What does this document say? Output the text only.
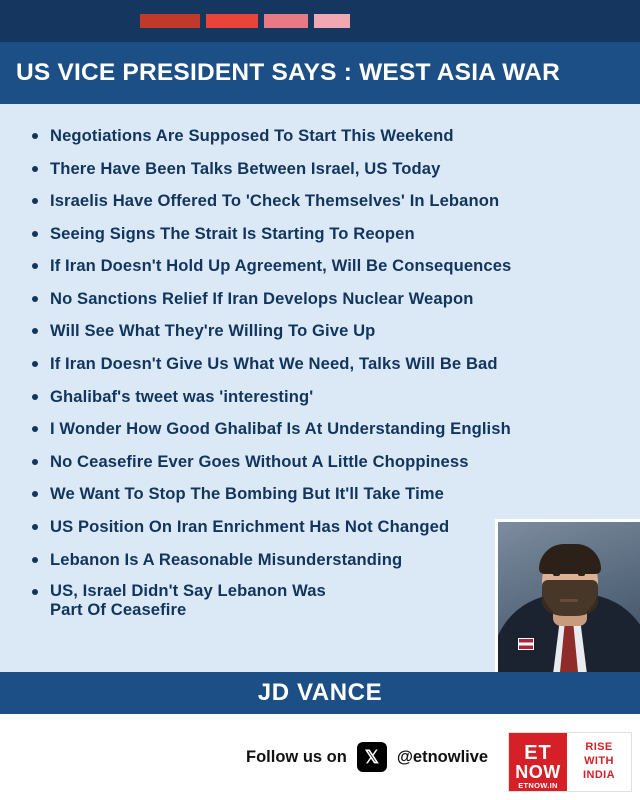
US VICE PRESIDENT SAYS : WEST ASIA WAR
Negotiations Are Supposed To Start This Weekend
There Have Been Talks Between Israel, US Today
Israelis Have Offered To 'Check Themselves' In Lebanon
Seeing Signs The Strait Is Starting To Reopen
If Iran Doesn't Hold Up Agreement, Will Be Consequences
No Sanctions Relief If Iran Develops Nuclear Weapon
Will See What They're Willing To Give Up
If Iran Doesn't Give Us What We Need, Talks Will Be Bad
Ghalibaf's tweet was 'interesting'
I Wonder How Good Ghalibaf Is At Understanding English
No Ceasefire Ever Goes Without A Little Choppiness
We Want To Stop The Bombing But It'll Take Time
US Position On Iran Enrichment Has Not Changed
Lebanon Is A Reasonable Misunderstanding
US, Israel Didn't Say Lebanon Was
Part Of Ceasefire
JD VANCE
Follow us on 𝕏	@etnowlive ET
NOW
ETNOW.IN
RISE
WITH
INDIA
